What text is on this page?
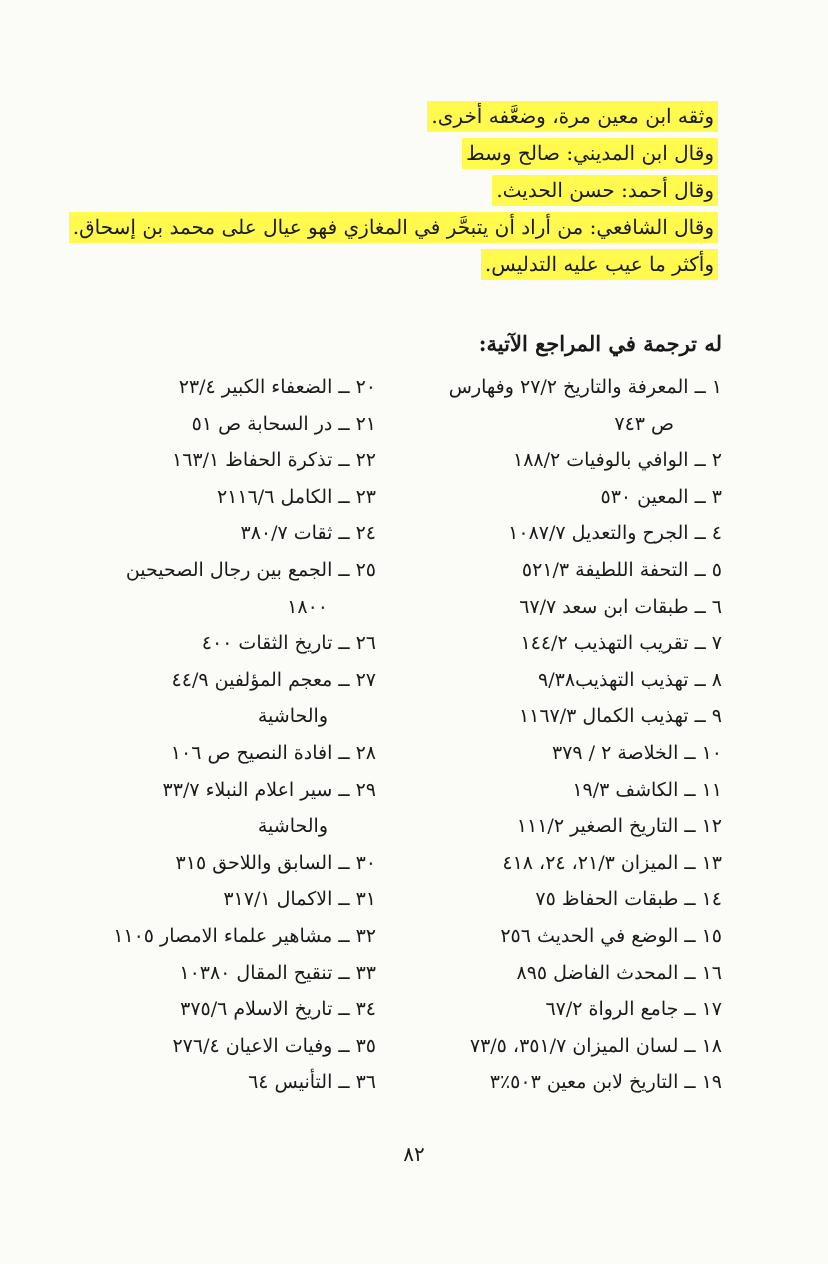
وثقه ابن معين مرة، وضعَّفه أخرى.
وقال ابن المديني: صالح وسط
وقال أحمد: حسن الحديث.
وقال الشافعي: من أراد أن يتبحَّر في المغازي فهو عيال على محمد بن إسحاق.
وأكثر ما عيب عليه التدليس.
له ترجمة في المراجع الآتية:
١ ــ المعرفة والتاريخ ٢٧/٢ وفهارس
ص ٧٤٣
٢ ــ الوافي بالوفيات ١٨٨/٢
٣ ــ المعين ٥٣٠
٤ ــ الجرح والتعديل ١٠٨٧/٧
٥ ــ التحفة اللطيفة ٥٢١/٣
٦ ــ طبقات ابن سعد ٦٧/٧
٧ ــ تقريب التهذيب ١٤٤/٢
٨ ــ تهذيب التهذيب٩/٣٨
٩ ــ تهذيب الكمال ١١٦٧/٣
١٠ ــ الخلاصة ٢ / ٣٧٩
١١ ــ الكاشف ١٩/٣
١٢ ــ التاريخ الصغير ١١١/٢
١٣ ــ الميزان ٢١/٣، ٢٤، ٤١٨
١٤ ــ طبقات الحفاظ ٧٥
١٥ ــ الوضع في الحديث ٢٥٦
١٦ ــ المحدث الفاضل ٨٩٥
١٧ ــ جامع الرواة ٦٧/٢
١٨ ــ لسان الميزان ٣٥١/٧، ٧٣/٥
١٩ ــ التاريخ لابن معين ٥٠٣٪٣
٢٠ ــ الضعفاء الكبير ٢٣/٤
٢١ ــ در السحابة ص ٥١
٢٢ ــ تذكرة الحفاظ ١٦٣/١
٢٣ ــ الكامل ٢١١٦/٦
٢٤ ــ ثقات ٣٨٠/٧
٢٥ ــ الجمع بين رجال الصحيحين
١٨٠٠
٢٦ ــ تاريخ الثقات ٤٠٠
٢٧ ــ معجم المؤلفين ٤٤/٩
والحاشية
٢٨ ــ افادة النصيح ص ١٠٦
٢٩ ــ سير اعلام النبلاء ٣٣/٧
والحاشية
٣٠ ــ السابق واللاحق ٣١٥
٣١ ــ الاكمال ٣١٧/١
٣٢ ــ مشاهير علماء الامصار ١١٠٥
٣٣ ــ تنقيح المقال ١٠٣٨٠
٣٤ ــ تاريخ الاسلام ٣٧٥/٦
٣٥ ــ وفيات الاعيان ٢٧٦/٤
٣٦ ــ التأنيس ٦٤
٨٢
